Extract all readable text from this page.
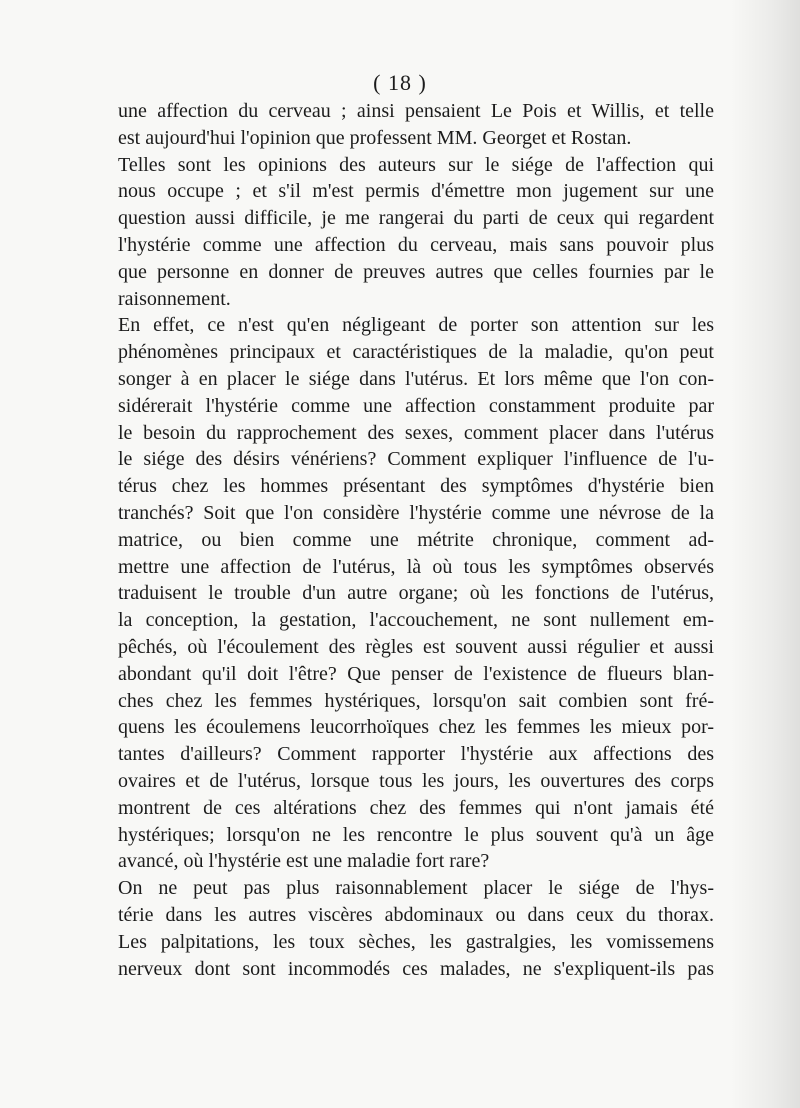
( 18 )
une affection du cerveau ; ainsi pensaient Le Pois et Willis, et telle
est aujourd'hui l'opinion que professent MM. Georget et Rostan.
Telles sont les opinions des auteurs sur le siége de l'affection qui
nous occupe ; et s'il m'est permis d'émettre mon jugement sur une
question aussi difficile, je me rangerai du parti de ceux qui regardent
l'hystérie comme une affection du cerveau, mais sans pouvoir plus
que personne en donner de preuves autres que celles fournies par le
raisonnement.
En effet, ce n'est qu'en négligeant de porter son attention sur les
phénomènes principaux et caractéristiques de la maladie, qu'on peut
songer à en placer le siége dans l'utérus. Et lors même que l'on con-
sidérerait l'hystérie comme une affection constamment produite par
le besoin du rapprochement des sexes, comment placer dans l'utérus
le siége des désirs vénériens? Comment expliquer l'influence de l'u-
térus chez les hommes présentant des symptômes d'hystérie bien
tranchés? Soit que l'on considère l'hystérie comme une névrose de la
matrice, ou bien comme une métrite chronique, comment ad-
mettre une affection de l'utérus, là où tous les symptômes observés
traduisent le trouble d'un autre organe; où les fonctions de l'utérus,
la conception, la gestation, l'accouchement, ne sont nullement em-
pêchés, où l'écoulement des règles est souvent aussi régulier et aussi
abondant qu'il doit l'être? Que penser de l'existence de flueurs blan-
ches chez les femmes hystériques, lorsqu'on sait combien sont fré-
quens les écoulemens leucorrhoïques chez les femmes les mieux por-
tantes d'ailleurs? Comment rapporter l'hystérie aux affections des
ovaires et de l'utérus, lorsque tous les jours, les ouvertures des corps
montrent de ces altérations chez des femmes qui n'ont jamais été
hystériques; lorsqu'on ne les rencontre le plus souvent qu'à un âge
avancé, où l'hystérie est une maladie fort rare?
On ne peut pas plus raisonnablement placer le siége de l'hys-
térie dans les autres viscères abdominaux ou dans ceux du thorax.
Les palpitations, les toux sèches, les gastralgies, les vomissemens
nerveux dont sont incommodés ces malades, ne s'expliquent-ils pas
